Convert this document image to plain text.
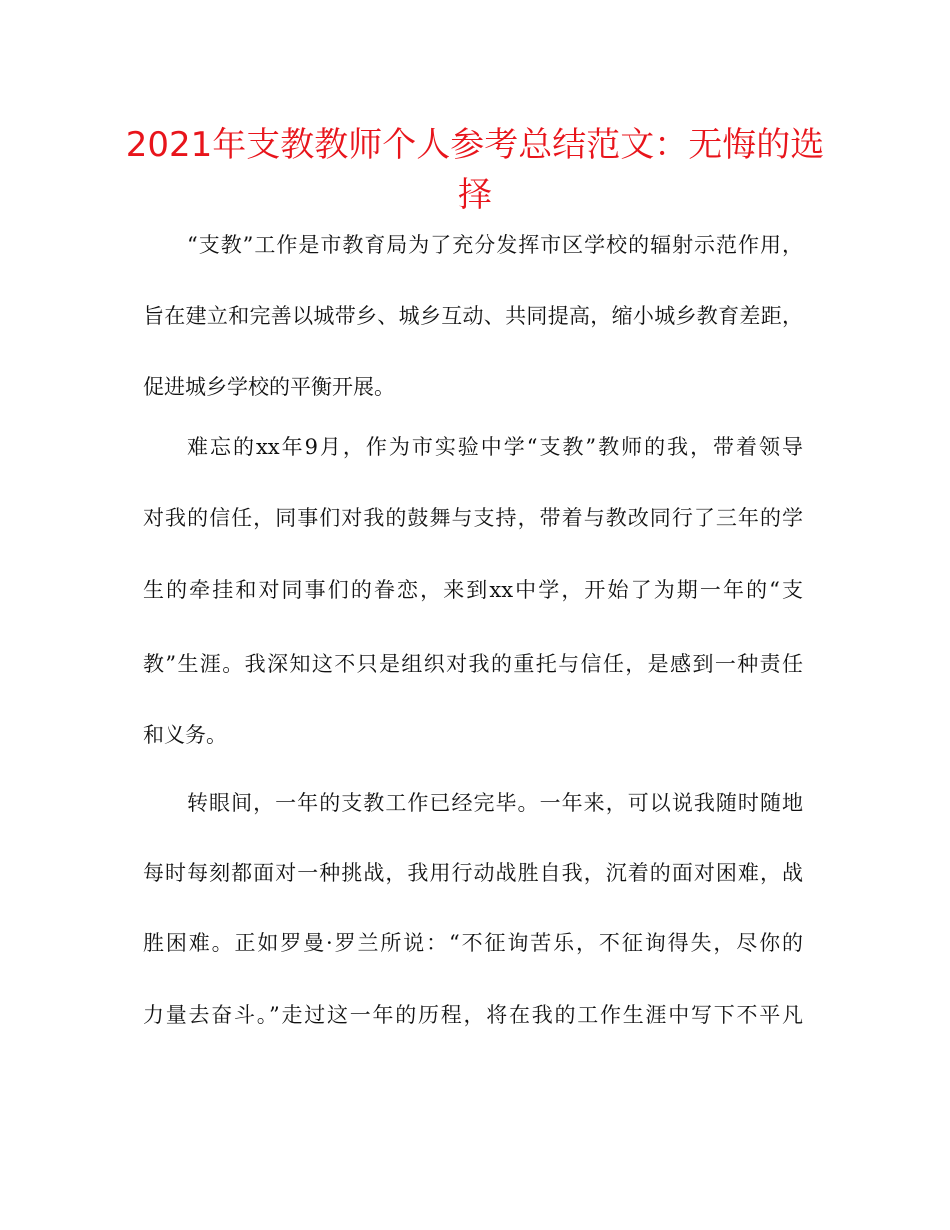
2021年支教教师个人参考总结范文：无悔的选择

“支教”工作是市教育局为了充分发挥市区学校的辐射示范作用，

旨在建立和完善以城带乡、城乡互动、共同提高，缩小城乡教育差距，

促进城乡学校的平衡开展。

难忘的xx年9月，作为市实验中学“支教”教师的我，带着领导

对我的信任，同事们对我的鼓舞与支持，带着与教改同行了三年的学

生的牵挂和对同事们的眷恋，来到xx中学，开始了为期一年的“支

教”生涯。我深知这不只是组织对我的重托与信任，是感到一种责任

和义务。

转眼间，一年的支教工作已经完毕。一年来，可以说我随时随地

每时每刻都面对一种挑战，我用行动战胜自我，沉着的面对困难，战

胜困难。正如罗曼·罗兰所说：“不征询苦乐，不征询得失，尽你的

力量去奋斗。”走过这一年的历程，将在我的工作生涯中写下不平凡
